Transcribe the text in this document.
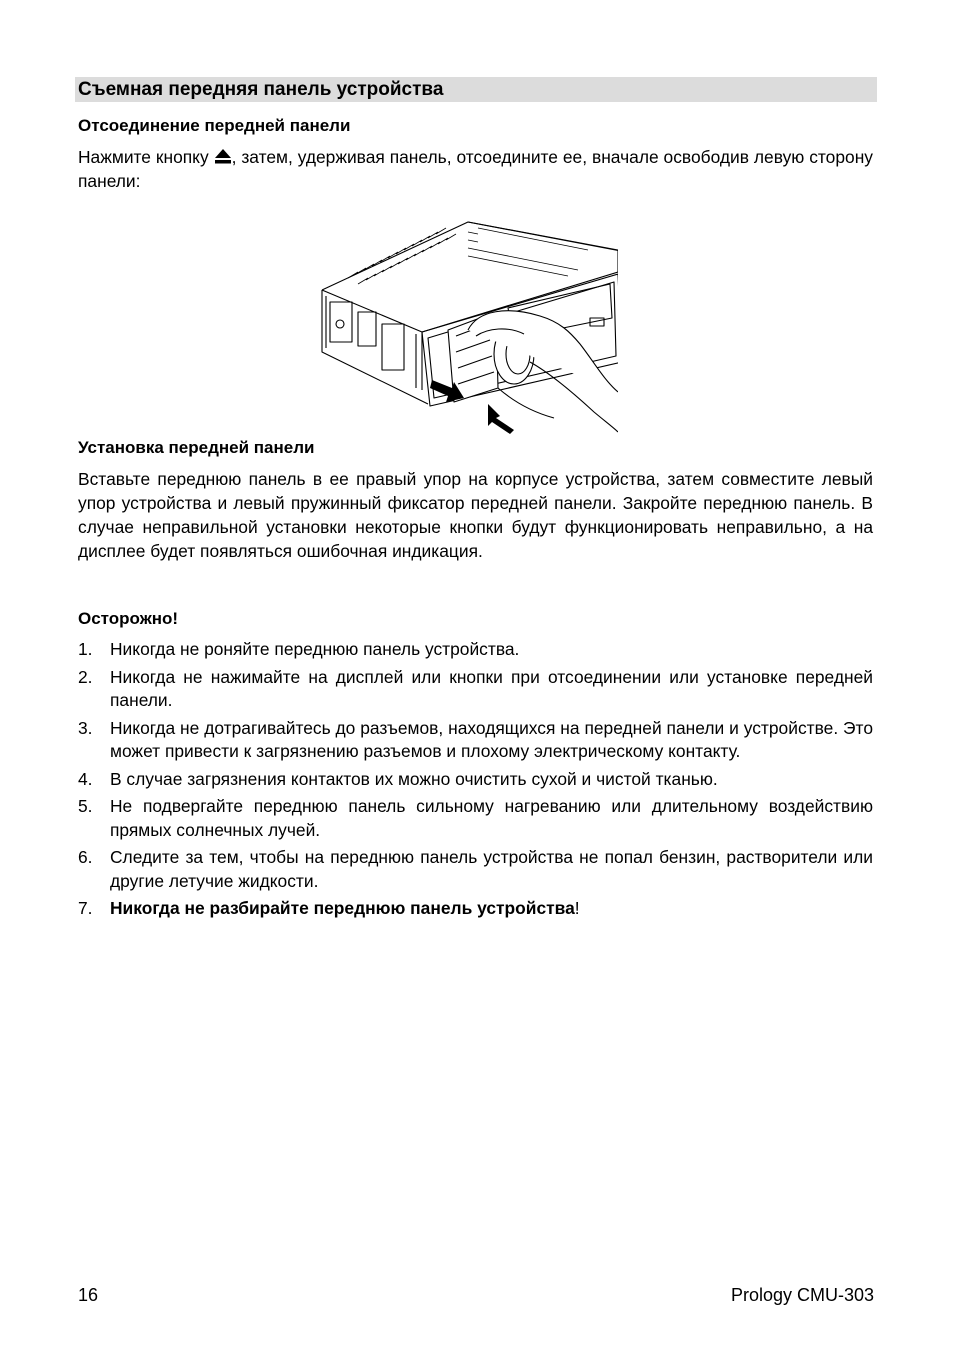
Съемная передняя панель устройства
Отсоединение передней панели
Нажмите кнопку , затем, удерживая панель, отсоедините ее, вначале освободив левую сторону панели:
Установка передней панели
Вставьте переднюю панель в ее правый упор на корпусе устройства, затем совместите левый упор устройства и левый пружинный фиксатор передней панели. Закройте переднюю панель. В случае неправильной установки некоторые кнопки будут функционировать неправильно, а на дисплее будет появляться ошибочная индикация.
Осторожно!
1. Никогда не роняйте переднюю панель устройства.
2. Никогда не нажимайте на дисплей или кнопки при отсоединении или установке передней панели.
3. Никогда не дотрагивайтесь до разъемов, находящихся на передней панели и устройстве. Это может привести к загрязнению разъемов и плохому электрическому контакту.
4. В случае загрязнения контактов их можно очистить сухой и чистой тканью.
5. Не подвергайте переднюю панель сильному нагреванию или длительному воздействию прямых солнечных лучей.
6. Следите за тем, чтобы на переднюю панель устройства не попал бензин, растворители или другие летучие жидкости.
7. Никогда не разбирайте переднюю панель устройства!
16	Prology CMU-303
